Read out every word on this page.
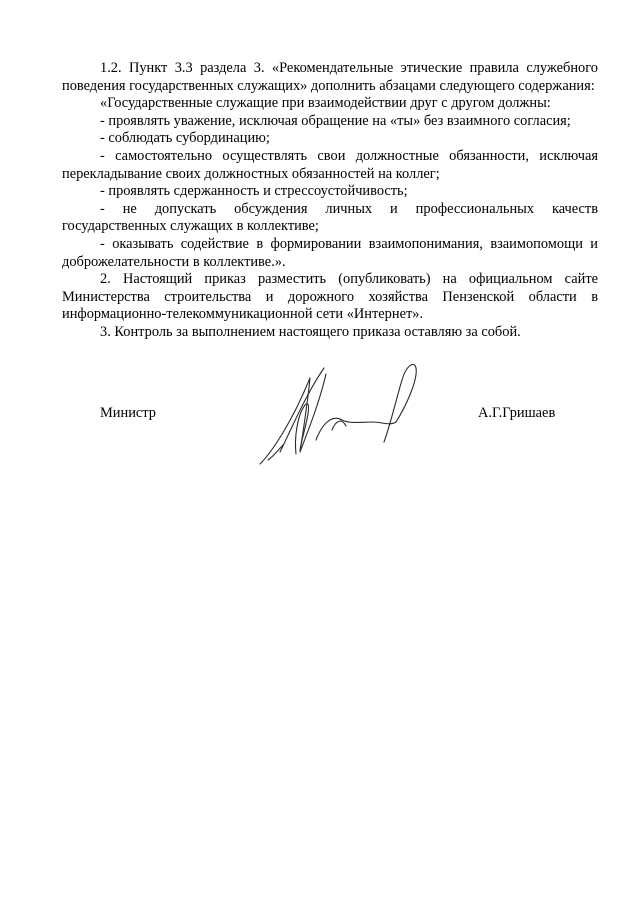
1.2. Пункт 3.3 раздела 3. «Рекомендательные этические правила служебного поведения государственных служащих» дополнить абзацами следующего содержания:

«Государственные служащие при взаимодействии друг с другом должны:

- проявлять уважение, исключая обращение на «ты» без взаимного согласия;

- соблюдать субординацию;

- самостоятельно осуществлять свои должностные обязанности, исключая перекладывание своих должностных обязанностей на коллег;

- проявлять сдержанность и стрессоустойчивость;

- не допускать обсуждения личных и профессиональных качеств государственных служащих в коллективе;

- оказывать содействие в формировании взаимопонимания, взаимопомощи и доброжелательности в коллективе.».

2. Настоящий приказ разместить (опубликовать) на официальном сайте Министерства строительства и дорожного хозяйства Пензенской области в информационно-телекоммуникационной сети «Интернет».

3. Контроль за выполнением настоящего приказа оставляю за собой.

Министр	А.Г.Гришаев
